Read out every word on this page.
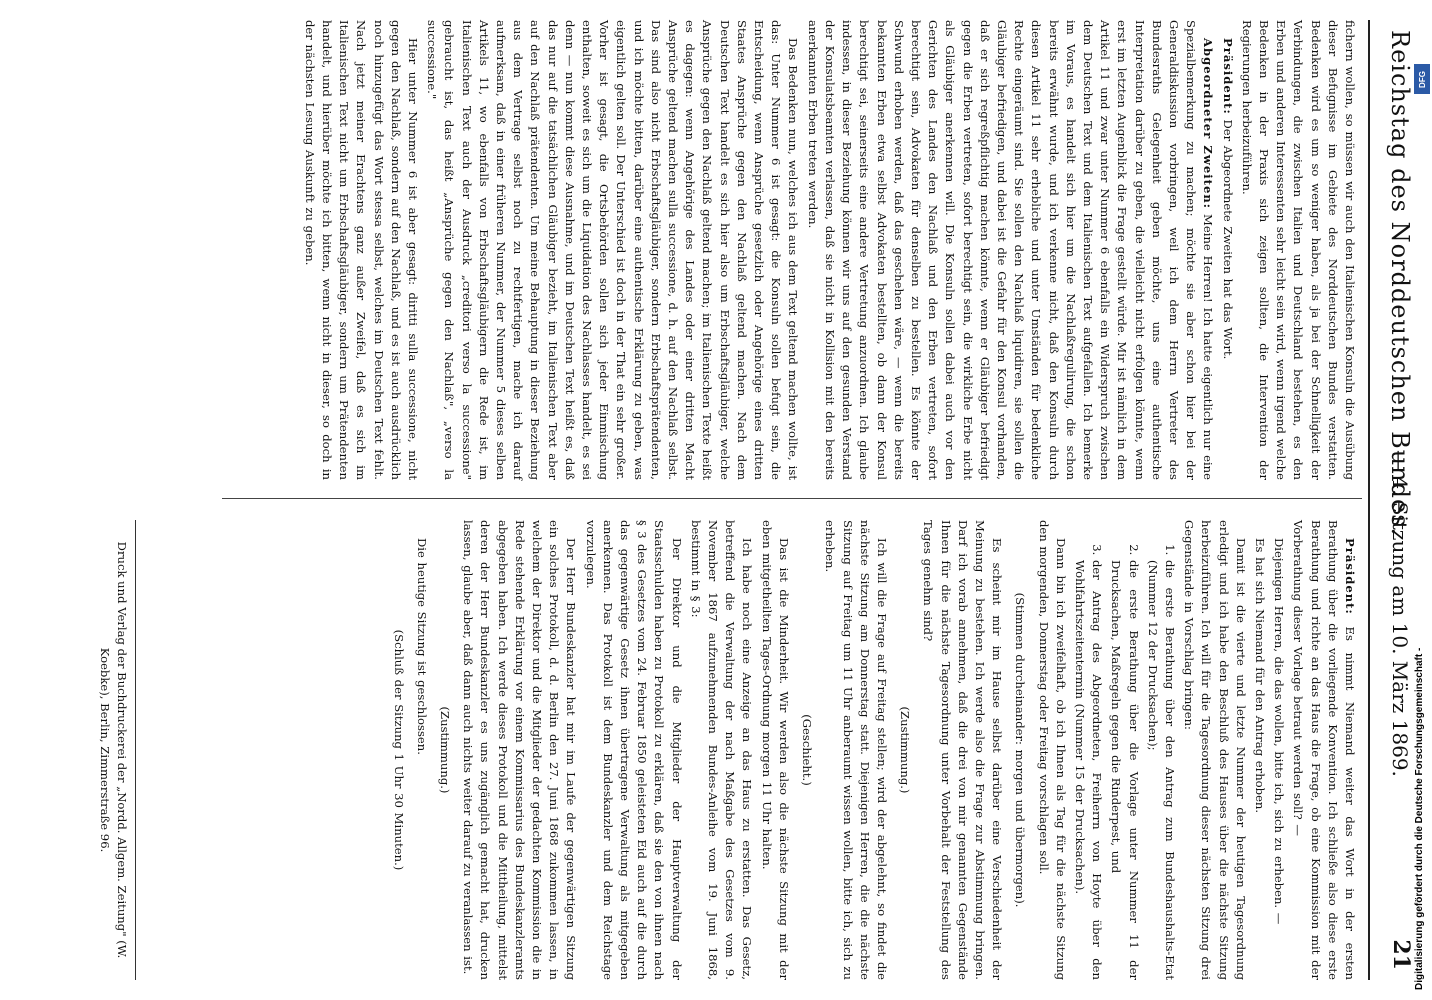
Reichstag des Norddeutschen Bundes.
— 4. Sitzung am 10. März 1869.
21

fichern wollen, so müssen wir auch den Italienischen Konsuln die Ausübung dieser Befugnisse im Gebiete des Norddeutschen Bundes verstatten. Bedenken wird es um so weniger haben, als ja bei der Schnelligkeit der Verbindungen, die zwischen Italien und Deutschland bestehen, es den Erben und anderen Interessenten sehr leicht sein wird, wenn irgend welche Bedenken in der Praxis sich zeigen sollten, die Intervention der Regierungen herbeizuführen.

Präsident: Der Abgeordnete Zweiten hat das Wort.

Abgeordneter Zweiten: Meine Herren! Ich hatte eigentlich nur eine Spezialbemerkung zu machen; möchte sie aber schon hier bei der Generaldiskussion vorbringen, weil ich dem Herrn Vertreter des Bundesraths Gelegenheit geben möchte, uns eine authentische Interpretation darüber zu geben, die vielleicht nicht erfolgen könnte, wenn erst im letzten Augenblick die Frage gestellt würde. Mir ist nämlich in dem Artikel 11 und zwar unter Nummer 6 ebenfalls ein Widerspruch zwischen dem Deutschen Text und dem Italienischen Text aufgefallen. Ich bemerke im Voraus, es handelt sich hier um die Nachlaßregulirung, die schon bereits erwähnt wurde, und ich verkenne nicht, daß den Konsuln durch diesen Artikel 11 sehr erhebliche und unter Umständen für bedenkliche Rechte eingeräumt sind. Sie sollen den Nachlaß liquidiren, sie sollen die Gläubiger befriedigen, und dabei ist die Gefahr für den Konsul vorhanden, daß er sich regreßpflichtig machen könnte, wenn er Gläubiger befriedigt gegen die Erben vertreten, sofort berechtigt sein, die wirkliche Erbe nicht als Gläubiger anerkennen will. Die Konsuln sollen dabei auch vor den Gerichten des Landes den Nachlaß und den Erben vertreten, sofort berechtigt sein, Advokaten für denselben zu bestellen. Es könnte der Schwund erhoben werden, daß das geschehen wäre, — wenn die bereits bekannten Erben etwa selbst Advokaten bestellten, ob dann der Konsul berechtigt sei, seinerseits eine andere Vertretung anzuordnen. Ich glaube indessen, in dieser Beziehung können wir uns auf den gesunden Verstand der Konsulatsbeamten verlassen, daß sie nicht in Kollision mit den bereits anerkannten Erben treten werden.

Das Bedenken nun, welches ich aus dem Text geltend machen wollte, ist das: Unter Nummer 6 ist gesagt: die Konsuln sollen befugt sein, die Entscheidung, wenn Ansprüche gesetzlich oder Angehörige eines dritten Staates Ansprüche gegen den Nachlaß geltend machen. Nach dem Deutschen Text handelt es sich hier also um Erbschaftsgläubiger, welche Ansprüche gegen den Nachlaß geltend machen; im Italienischen Texte heißt es dagegen: wenn Angehörige des Landes oder einer dritten Macht Ansprüche geltend machen sulla successione, d. h. auf den Nachlaß selbst. Das sind also nicht Erbschaftsgläubiger, sondern Erbschaftsprätendenten, und ich möchte bitten, darüber eine authentische Erklärung zu geben, was eigentlich gelten soll. Der Unterschied ist doch in der That ein sehr großer. Vorher ist gesagt, die Ortsbehörden sollen sich jeder Einmischung enthalten, soweit es sich um die Liquidation des Nachlasses handelt, es sei denn — nun kommt diese Ausnahme, und im Deutschen Text heißt es, daß das nur auf die tatsächlichen Gläubiger bezieht, im Italienischen Text aber auf den Nachlaß prätendenten. Um meine Behauptung in dieser Beziehung aus dem Vertrage selbst noch zu rechtfertigen, mache ich darauf aufmerksam, daß in einer früheren Nummer, der Nummer 5 dieses selben Artikels 11, wo ebenfalls von Erbschaftsgläubigern die Rede ist, im Italienischen Text auch der Ausdruck „creditori verso la successione" gebraucht ist, das heißt „Ansprüche gegen den Nachlaß", „verso la successione."

Hier unter Nummer 6 ist aber gesagt: diritti sulla successione, nicht gegen den Nachlaß, sondern auf den Nachlaß, und es ist auch ausdrücklich noch hinzugefügt das Wort stessa selbst, welches im Deutschen Text fehlt. Nach jetzt meiner Erachtens ganz außer Zweifel, daß es sich im Italienischen Text nicht um Erbschaftsgläubiger, sondern um Prätendenten handelt, und hierüber möchte ich bitten, wenn nicht in dieser, so doch in der nächsten Lesung Auskunft zu geben.

Präsident: Es nimmt Niemand weiter das Wort in der ersten Berathung über die vorliegende Konvention. Ich schließe also diese erste Berathung und richte an das Haus die Frage, ob eine Kommission mit der Vorberathung dieser Vorlage betraut werden soll? —

Diejenigen Herren, die das wollen, bitte ich, sich zu erheben. —

Es hat sich Niemand für den Antrag erhoben.

Damit ist die vierte und letzte Nummer der heutigen Tagesordnung erledigt und ich habe den Beschluß des Hauses über die nächste Sitzung herbeizuführen. Ich will für die Tagesordnung dieser nächsten Sitzung drei Gegenstände in Vorschlag bringen:

1. die erste Berathung über den Antrag zum Bundeshaushalts-Etat (Nummer 12 der Drucksachen);
2. die erste Berathung über die Vorlage unter Nummer 11 der Drucksachen, Maßregeln gegen die Rinderpest, und
3. der Antrag des Abgeordneten, Freiherrn von Hoyte über den Wohlfahrtszeitentermin (Nummer 15 der Drucksachen).

Dann bin ich zweifelhaft, ob ich Ihnen als Tag für die nächste Sitzung den morgenden, Donnerstag oder Freitag vorschlagen soll.

(Stimmen durcheinander: morgen und übermorgen).

Es scheint mir im Hause selbst darüber eine Verschiedenheit der Meinung zu bestehen. Ich werde also die Frage zur Abstimmung bringen. Darf ich vorab annehmen, daß die drei von mir genannten Gegenstände Ihnen für die nächste Tagesordnung unter Vorbehalt der Feststellung des Tages genehm sind?

(Zustimmung.)

Ich will die Frage auf Freitag stellen; wird der abgelehnt, so findet die nächste Sitzung am Donnerstag statt. Diejenigen Herren, die die nächste Sitzung auf Freitag um 11 Uhr anberaumt wissen wollen, bitte ich, sich zu erheben.

(Geschieht.)

Das ist die Minderheit. Wir werden also die nächste Sitzung mit der eben mitgetheilten Tages-Ordnung morgen 11 Uhr halten.

Ich habe noch eine Anzeige an das Haus zu erstatten. Das Gesetz, betreffend die Verwaltung der nach Maßgabe des Gesetzes vom 9. November 1867 aufzunehmenden Bundes-Anleihe vom 19. Juni 1868, bestimmt in § 3:

Der Direktor und die Mitglieder der Hauptverwaltung der Staatsschulden haben zu Protokoll zu erklären, daß sie den von ihnen nach § 3 des Gesetzes vom 24. Februar 1850 geleisteten Eid auch auf die durch das gegenwärtige Gesetz ihnen übertragene Verwaltung als mitgegeben anerkennen. Das Protokoll ist dem Bundeskanzler und dem Reichstage vorzulegen.

Der Herr Bundeskanzler hat mir im Laufe der gegenwärtigen Sitzung ein solches Protokoll, d. d. Berlin den 27. Juni 1868 zukommen lassen, in welchem der Direktor und die Mitglieder der gedachten Kommission die in Rede stehende Erklärung vor einem Kommissarius des Bundeskanzleramts abgegeben haben. Ich werde dieses Protokoll und die Mittheilung, mittelst deren der Herr Bundeskanzler es uns zugänglich gemacht hat, drucken lassen, glaube aber, daß dann auch nichts weiter darauf zu veranlassen ist.

(Zustimmung.)

Die heutige Sitzung ist geschlossen.

(Schluß der Sitzung 1 Uhr 30 Minuten.)

Druck und Verlag der Buchdruckerei der „Nordd. Allgem. Zeitung" (W. Koebke), Berlin, Zimmerstraße 96.
DFG
Digitalisierung gefördert durch die Deutsche Forschungsgemeinschaft -
